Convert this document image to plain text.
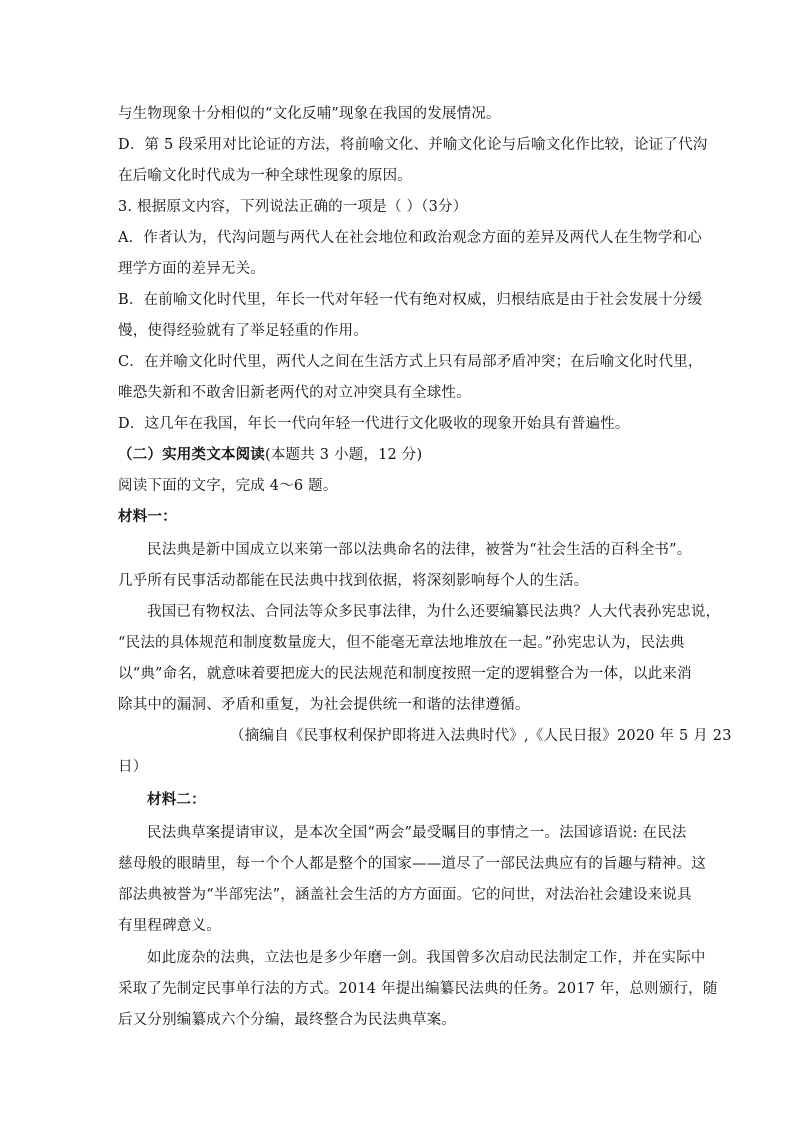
与生物现象十分相似的“文化反哺”现象在我国的发展情况。
D．第 5 段采用对比论证的方法，将前喻文化、并喻文化论与后喻文化作比较，论证了代沟
在后喻文化时代成为一种全球性现象的原因。
3. 根据原文内容，下列说法正确的一项是（ ）（3分）
A．作者认为，代沟问题与两代人在社会地位和政治观念方面的差异及两代人在生物学和心
理学方面的差异无关。
B．在前喻文化时代里，年长一代对年轻一代有绝对权威，归根结底是由于社会发展十分缓
慢，使得经验就有了举足轻重的作用。
C．在并喻文化时代里，两代人之间在生活方式上只有局部矛盾冲突；在后喻文化时代里，
唯恐失新和不敢舍旧新老两代的对立冲突具有全球性。
D．这几年在我国，年长一代向年轻一代进行文化吸收的现象开始具有普遍性。
（二）实用类文本阅读(本题共 3 小题，12 分)
阅读下面的文字，完成 4～6 题。
材料一：
民法典是新中国成立以来第一部以法典命名的法律，被誉为“社会生活的百科全书”。
几乎所有民事活动都能在民法典中找到依据，将深刻影响每个人的生活。
我国已有物权法、合同法等众多民事法律，为什么还要编纂民法典？人大代表孙宪忠说，
“民法的具体规范和制度数量庞大，但不能毫无章法地堆放在一起。”孙宪忠认为，民法典
以“典”命名，就意味着要把庞大的民法规范和制度按照一定的逻辑整合为一体，以此来消
除其中的漏洞、矛盾和重复，为社会提供统一和谐的法律遵循。
（摘编自《民事权利保护即将进入法典时代》,《人民日报》2020 年 5 月 23
日）
材料二：
民法典草案提请审议，是本次全国“两会”最受瞩目的事情之一。法国谚语说: 在民法
慈母般的眼睛里，每一个个人都是整个的国家——道尽了一部民法典应有的旨趣与精神。这
部法典被誉为“半部宪法”，涵盖社会生活的方方面面。它的问世，对法治社会建设来说具
有里程碑意义。
如此庞杂的法典，立法也是多少年磨一剑。我国曾多次启动民法制定工作，并在实际中
采取了先制定民事单行法的方式。2014 年提出编纂民法典的任务。2017 年，总则颁行，随
后又分别编纂成六个分编，最终整合为民法典草案。
